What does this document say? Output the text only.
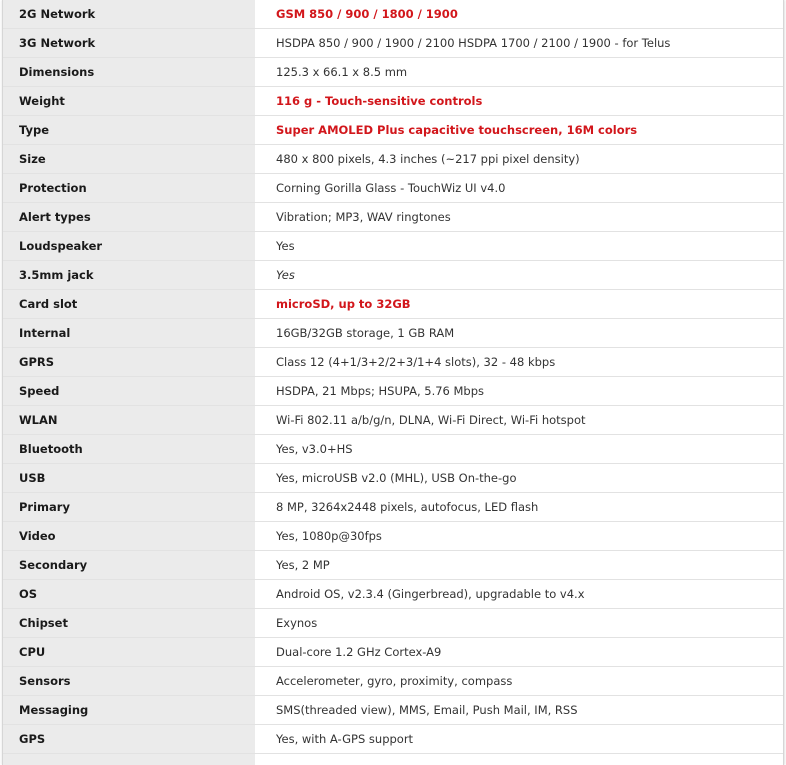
2G Network	GSM 850 / 900 / 1800 / 1900
3G Network	HSDPA 850 / 900 / 1900 / 2100 HSDPA 1700 / 2100 / 1900 - for Telus
Dimensions	125.3 x 66.1 x 8.5 mm
Weight	116 g - Touch-sensitive controls
Type	Super AMOLED Plus capacitive touchscreen, 16M colors
Size	480 x 800 pixels, 4.3 inches (~217 ppi pixel density)
Protection	Corning Gorilla Glass - TouchWiz UI v4.0
Alert types	Vibration; MP3, WAV ringtones
Loudspeaker	Yes
3.5mm jack	Yes
Card slot	microSD, up to 32GB
Internal	16GB/32GB storage, 1 GB RAM
GPRS	Class 12 (4+1/3+2/2+3/1+4 slots), 32 - 48 kbps
Speed	HSDPA, 21 Mbps; HSUPA, 5.76 Mbps
WLAN	Wi-Fi 802.11 a/b/g/n, DLNA, Wi-Fi Direct, Wi-Fi hotspot
Bluetooth	Yes, v3.0+HS
USB	Yes, microUSB v2.0 (MHL), USB On-the-go
Primary	8 MP, 3264x2448 pixels, autofocus, LED flash
Video	Yes, 1080p@30fps
Secondary	Yes, 2 MP
OS	Android OS, v2.3.4 (Gingerbread), upgradable to v4.x
Chipset	Exynos
CPU	Dual-core 1.2 GHz Cortex-A9
Sensors	Accelerometer, gyro, proximity, compass
Messaging	SMS(threaded view), MMS, Email, Push Mail, IM, RSS
GPS	Yes, with A-GPS support
